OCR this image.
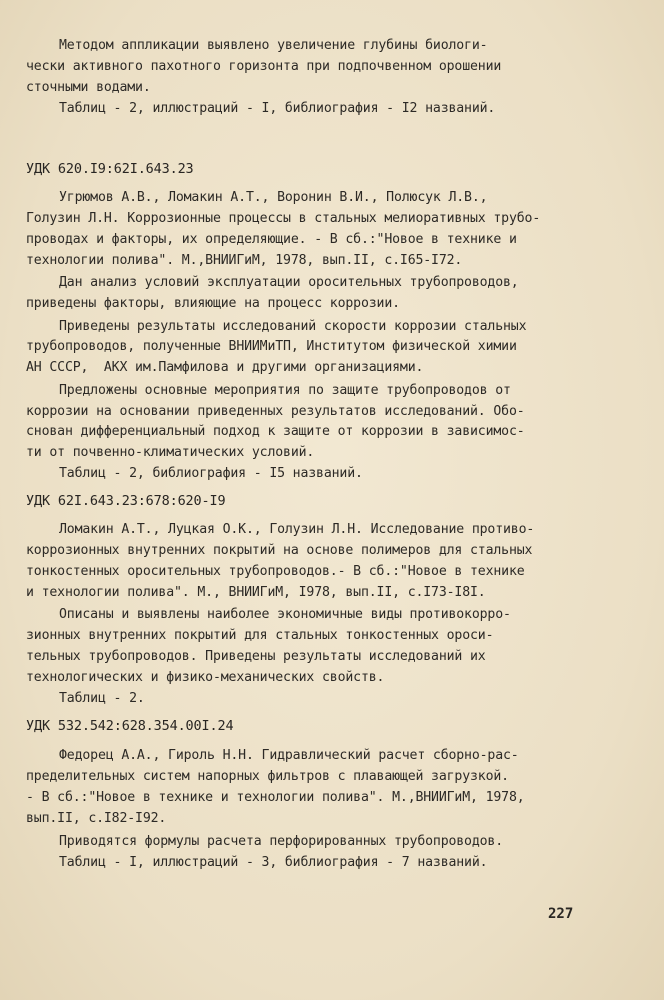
Методом аппликации выявлено увеличение глубины биологи-
чески активного пахотного горизонта при подпочвенном орошении
сточными водами.
Таблиц - 2, иллюстраций - I, библиография - I2 названий.
УДК 620.I9:62I.643.23
Угрюмов А.В., Ломакин А.Т., Воронин В.И., Полюсук Л.В.,
Голузин Л.Н. Коррозионные процессы в стальных мелиоративных трубо-
проводах и факторы, их определяющие. - В сб.:"Новое в технике и
технологии полива". М.,ВНИИГиМ, 1978, вып.II, с.I65-I72.
Дан анализ условий эксплуатации оросительных трубопроводов,
приведены факторы, влияющие на процесс коррозии.
Приведены результаты исследований скорости коррозии стальных
трубопроводов, полученные ВНИИМиТП, Институтом физической химии
АН СССР,  АКХ им.Памфилова и другими организациями.
Предложены основные мероприятия по защите трубопроводов от
коррозии на основании приведенных результатов исследований. Обо-
снован дифференциальный подход к защите от коррозии в зависимос-
ти от почвенно-климатических условий.
Таблиц - 2, библиография - I5 названий.
УДК 62I.643.23:678:620-I9
Ломакин А.Т., Луцкая О.К., Голузин Л.Н. Исследование противо-
коррозионных внутренних покрытий на основе полимеров для стальных
тонкостенных оросительных трубопроводов.- В сб.:"Новое в технике
и технологии полива". М., ВНИИГиМ, I978, вып.II, с.I73-I8I.
Описаны и выявлены наиболее экономичные виды противокорро-
зионных внутренних покрытий для стальных тонкостенных ороси-
тельных трубопроводов. Приведены результаты исследований их
технологических и физико-механических свойств.
Таблиц - 2.
УДК 532.542:628.354.00I.24
Федорец А.А., Гироль Н.Н. Гидравлический расчет сборно-рас-
пределительных систем напорных фильтров с плавающей загрузкой.
- В сб.:"Новое в технике и технологии полива". М.,ВНИИГиМ, 1978,
вып.II, с.I82-I92.
Приводятся формулы расчета перфорированных трубопроводов.
Таблиц - I, иллюстраций - 3, библиография - 7 названий.
227
